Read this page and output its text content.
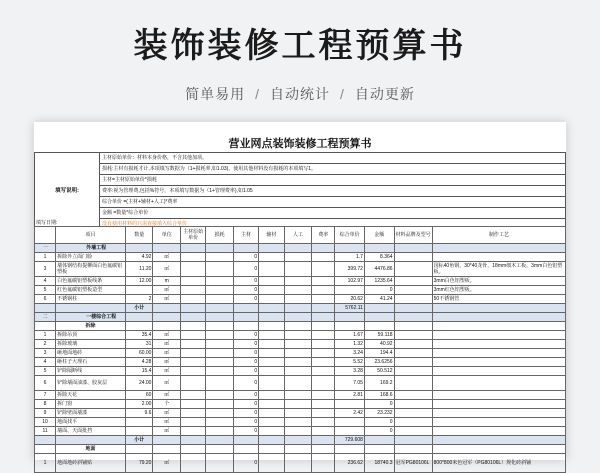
装饰装修工程预算书
简单易用 / 自动统计 / 自动更新
营业网点装饰装修工程预算书
填写说明:	主材原始单价：材料本身价格，不含其他加项。
损耗:主材有损耗才计,本项填写数据为（1+损耗率,如1.03)，使用其他材料没有损耗的本项填写1。
主材=主材原始单价*损耗
费率:视为管理费,包括%符号，本项填写数据为（1+管理费率),如1.05
综合单价 =(主材+辅材+人工)*费率
金额 =数量*综合单价
没有使用材料的只需直接填入综合单价
填写日期:
	项目	数量	单位	主材原始单价	损耗	主材	辅材	人工	费率	综合单价	金额	材料品牌及型号	制作工艺
一	外墙工程												
1	拆除外立面门脸	4.92	㎡			0				1.7	8.364		
3	墙体钢结构提柳面白色氟碳铝塑板	11.20	㎡			0				399.72	4476.86		国标40角钢，30*40龙骨，18mm细木工板，3mm白色铝塑板。
4	白色氟碳铝塑板线条	12.00	m			0				102.97	1235.64		3mm白色铝塑板。
5	红色氟碳铝塑板造型		㎡			0					0		3mm红色铝塑板。
6	不锈钢柱	2	㎡			0				20.62	41.24		50不锈钢管
		小计								5762.11			
二	一楼综合工程												
	拆除												
1	拆除吊顶	35.4	㎡			0				1.67	59.118		
2	拆除玻璃	31	㎡			0				1.32	40.92		
3	砸地面地砖	60.00	㎡			0				3.24	194.4		
4	砸柱子大理石	4.28	㎡			0				5.52	23.6256		
5	铲除隔断线	15.4	㎡			0				3.28	50.512		
6	铲除墙面油漆、胶灰层	24.00	㎡			0				7.05	169.2		
7	拆除天花	60	㎡			0				2.81	168.6		
8	拆门窗	2.00	个			0					0		
9	铲除壁面墙漆	9.6	㎡			0				2.42	23.232		
10	地面找平		㎡			0					0		
11	墙面、天面批挡		㎡			0					0		
		小计								729.608			
	地面												
1	地面地砖斜铺贴	79.20	㎡			0				236.62	18740.3	冠军PG80106L	800*800米色冠军（PG80106L）规化砖斜铺
